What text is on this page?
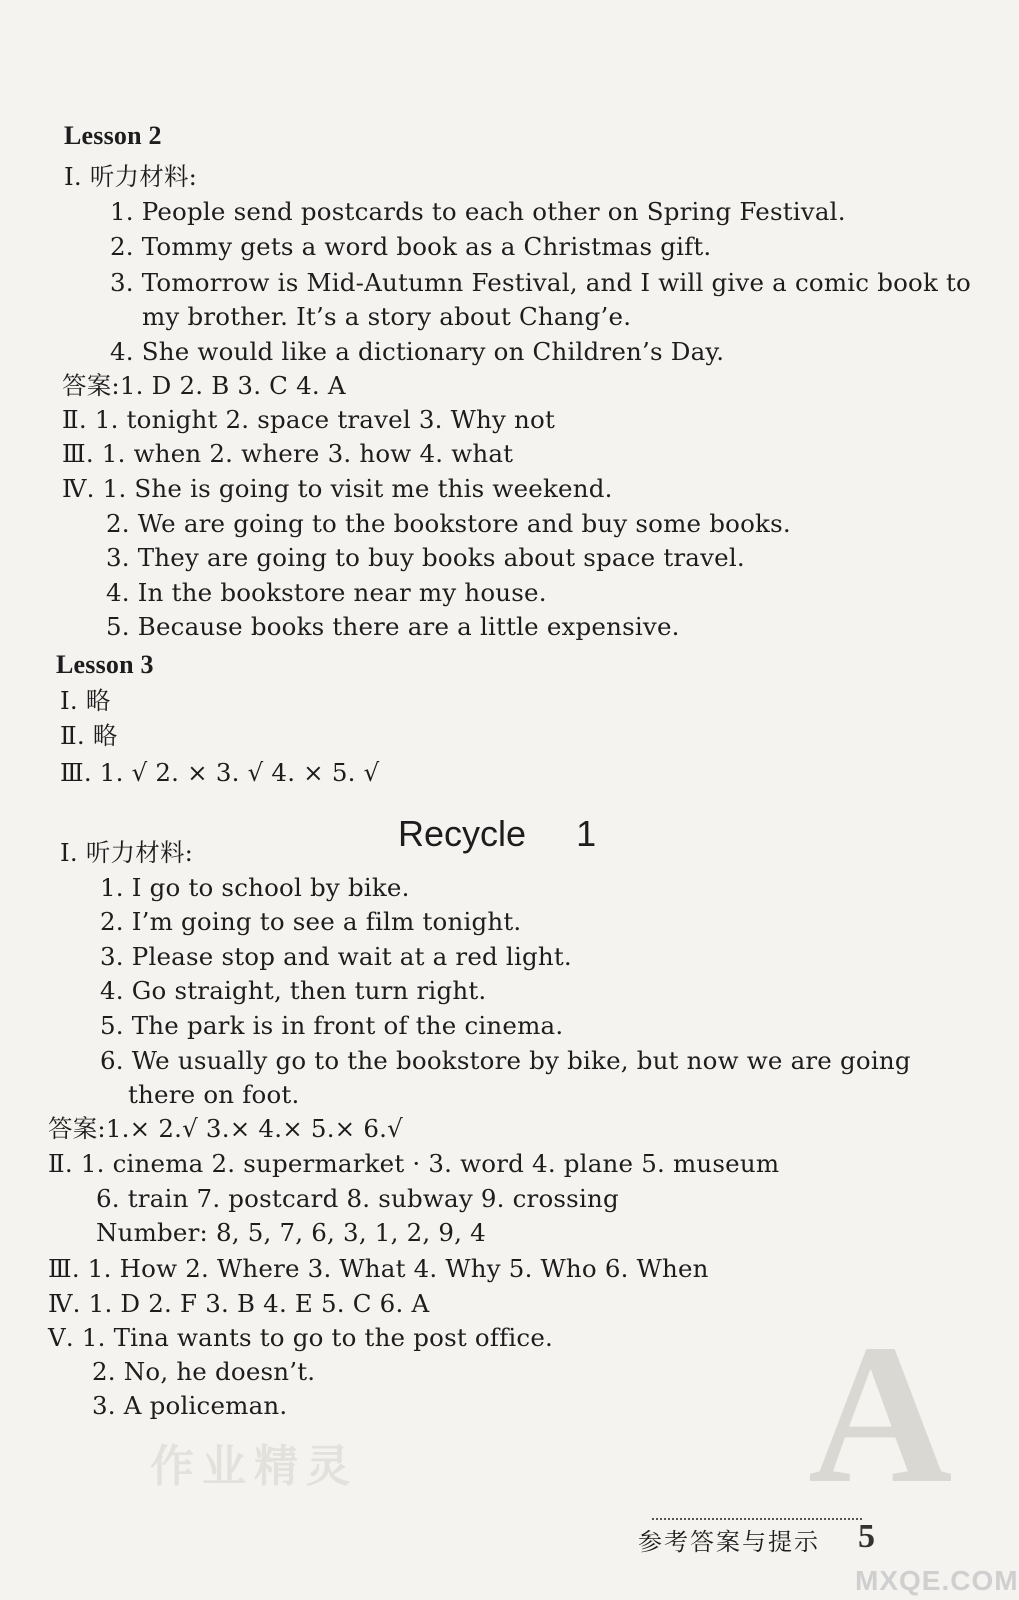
Lesson 2
Ⅰ. 听力材料:
1. People send postcards to each other on Spring Festival.
2. Tommy gets a word book as a Christmas gift.
3. Tomorrow is Mid-Autumn Festival, and I will give a comic book to
my brother. It’s a story about Chang’e.
4. She would like a dictionary on Children’s Day.
答案:1. D 2. B 3. C 4. A
Ⅱ. 1. tonight 2. space travel 3. Why not
Ⅲ. 1. when 2. where 3. how 4. what
Ⅳ. 1. She is going to visit me this weekend.
2. We are going to the bookstore and buy some books.
3. They are going to buy books about space travel.
4. In the bookstore near my house.
5. Because books there are a little expensive.
Lesson 3
Ⅰ. 略
Ⅱ. 略
Ⅲ. 1. √ 2. × 3. √ 4. × 5. √
Recycle 1
Ⅰ. 听力材料:
1. I go to school by bike.
2. I’m going to see a film tonight.
3. Please stop and wait at a red light.
4. Go straight, then turn right.
5. The park is in front of the cinema.
6. We usually go to the bookstore by bike, but now we are going
there on foot.
答案:1.× 2.√ 3.× 4.× 5.× 6.√
Ⅱ. 1. cinema 2. supermarket · 3. word 4. plane 5. museum
6. train 7. postcard 8. subway 9. crossing
Number: 8, 5, 7, 6, 3, 1, 2, 9, 4
Ⅲ. 1. How 2. Where 3. What 4. Why 5. Who 6. When
Ⅳ. 1. D 2. F 3. B 4. E 5. C 6. A
Ⅴ. 1. Tina wants to go to the post office.
2. No, he doesn’t.
3. A policeman.	A
作业精灵
参考答案与提示 5
MXQE.COM
